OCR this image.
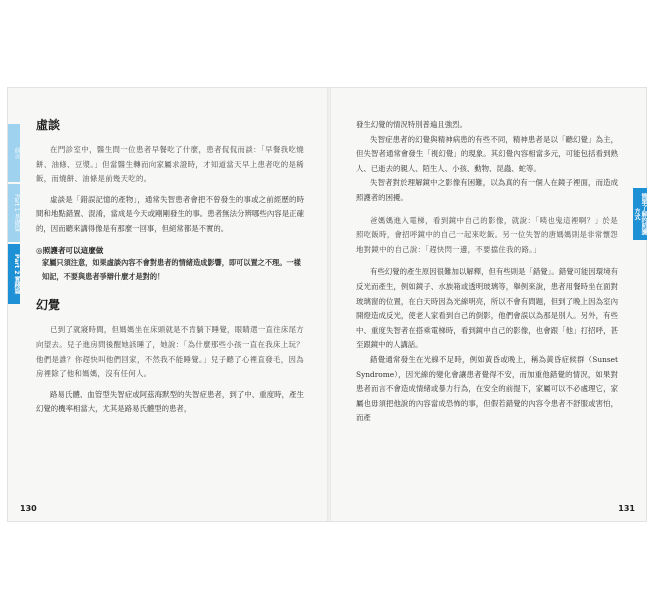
前言
Part 1 基礎篇
Part 2 實踐篇
虛談

在門診室中，醫生問一位患者早餐吃了什麼，患者侃侃而談：「早餐我吃燒餅、油條、豆漿。」但當醫生轉而向家屬求證時，才知道當天早上患者吃的是稀飯，而燒餅、油條是前幾天吃的。

虛談是「錯誤記憶的產物」，通常失智患者會把不曾發生的事或之前經歷的時間和地點錯置、混淆，當成是今天或剛剛發生的事。患者無法分辨哪些內容是正確的，因而聽來講得像是有那麼一回事，但絕常都是不實的。

◎照護者可以這麼做
家屬只須注意，如果虛談內容不會對患者的情緒造成影響，即可以置之不理。一樣知記，不要與患者爭辯什麼才是對的！
幻覺

已到了就寢時間，但媽媽坐在床頭就是不肯躺下睡覺，眼睛還一直往床尾方向望去。兒子進房問後醒她該睡了，她說：「為什麼那些小孩一直在我床上玩？他們是誰？你趕快叫他們回家，不然我不能睡覺。」兒子聽了心裡直發毛，因為房裡除了他和媽媽，沒有任何人。

路易氏體、血管型失智症或阿茲海默型的失智症患者，到了中、重度時，產生幻覺的機率相當大，尤其是路易氏體型的患者，

130
簡單了解的照護方式

發生幻覺的情況特別普遍且強烈。

失智症患者的幻覺與精神病患的有些不同，精神患者是以「聽幻覺」為主，但失智者通常會發生「視幻覺」的現象。其幻覺內容相當多元，可能包括看到熟人、已逝去的親人、陌生人、小孩、動物、昆蟲、蛇等。

失智者對於理解鏡中之影像有困難，以為真的有一個人在鏡子裡面，而造成照護者的困擾。

爸媽媽進入電梯，看到鏡中自己的影像，就說：「咦也鬼這裡啊？」於是照吃飯時，會招呼鏡中的自己一起來吃飯。另一位失智的唐媽媽則是非常懷怨地對鏡中的自己說：「趕快閃一邊，不要擋住我的路。」

有些幻覺的產生原因很難加以解釋，但有些則是「錯覺」。錯覺可能因環境有反光而產生，例如鏡子、水族箱或透明玻璃等，舉例來說，患者用餐時坐在面對玻璃窗的位置，在白天時因為光線明亮，所以不會有問題，但到了晚上因為室內開燈造成反光，使老人家看到自己的倒影，他們會誤以為那是別人。另外，有些中、重度失智者在搭乘電梯時，看到鏡中自己的影像，也會跟「他」打招呼，甚至跟鏡中的人講話。

錯覺通常發生在光線不足時，例如黃昏或晚上，稱為黃昏症候群（Sunset Syndrome），因光線的變化會讓患者覺得不安，而加重他錯覺的情況，如果對患者而言不會造成情緒或暴力行為，在安全的前提下，家屬可以不必處理它，家屬也毋須把他說的內容當成恐怖的事，但假若錯覺的內容令患者不舒服或害怕，而產

131
